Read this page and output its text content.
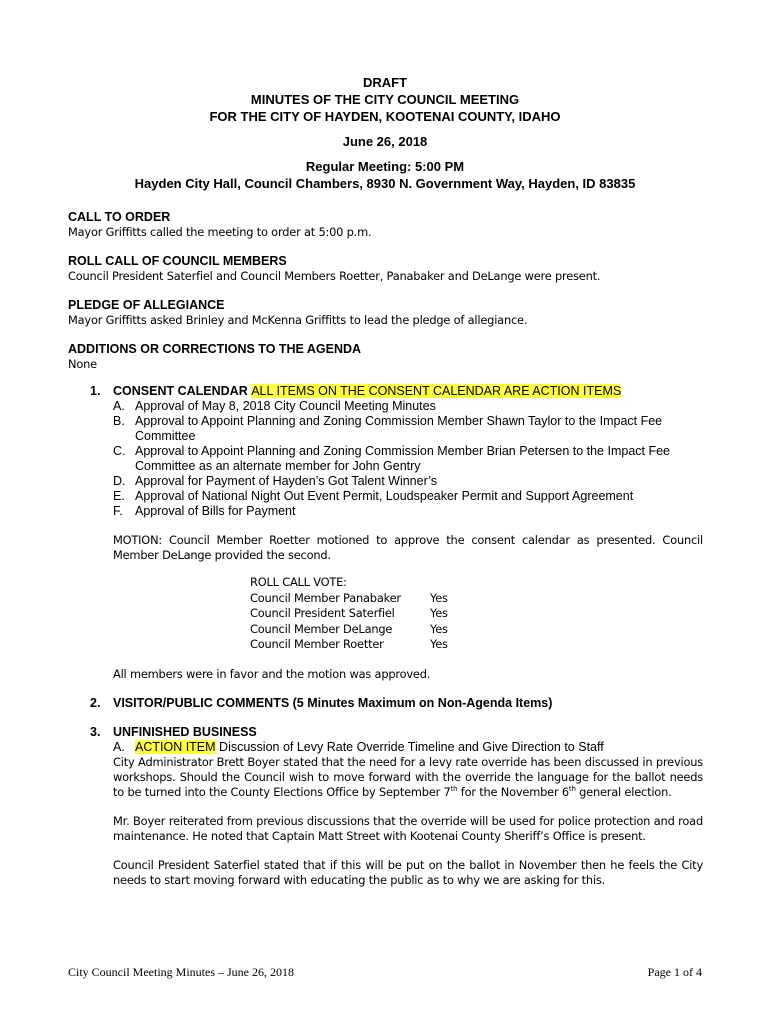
DRAFT
MINUTES OF THE CITY COUNCIL MEETING
FOR THE CITY OF HAYDEN, KOOTENAI COUNTY, IDAHO
June 26, 2018
Regular Meeting: 5:00 PM
Hayden City Hall, Council Chambers, 8930 N. Government Way, Hayden, ID 83835
CALL TO ORDER
Mayor Griffitts called the meeting to order at 5:00 p.m.
ROLL CALL OF COUNCIL MEMBERS
Council President Saterfiel and Council Members Roetter, Panabaker and DeLange were present.
PLEDGE OF ALLEGIANCE
Mayor Griffitts asked Brinley and McKenna Griffitts to lead the pledge of allegiance.
ADDITIONS OR CORRECTIONS TO THE AGENDA
None
1. CONSENT CALENDAR ALL ITEMS ON THE CONSENT CALENDAR ARE ACTION ITEMS
A. Approval of May 8, 2018 City Council Meeting Minutes
B. Approval to Appoint Planning and Zoning Commission Member Shawn Taylor to the Impact Fee Committee
C. Approval to Appoint Planning and Zoning Commission Member Brian Petersen to the Impact Fee Committee as an alternate member for John Gentry
D. Approval for Payment of Hayden’s Got Talent Winner’s
E. Approval of National Night Out Event Permit, Loudspeaker Permit and Support Agreement
F. Approval of Bills for Payment
MOTION: Council Member Roetter motioned to approve the consent calendar as presented. Council Member DeLange provided the second.
ROLL CALL VOTE:
Council Member Panabaker	Yes
Council President Saterfiel	Yes
Council Member DeLange	Yes
Council Member Roetter	Yes
All members were in favor and the motion was approved.
2. VISITOR/PUBLIC COMMENTS (5 Minutes Maximum on Non-Agenda Items)
3. UNFINISHED BUSINESS
A. ACTION ITEM Discussion of Levy Rate Override Timeline and Give Direction to Staff
City Administrator Brett Boyer stated that the need for a levy rate override has been discussed in previous workshops. Should the Council wish to move forward with the override the language for the ballot needs to be turned into the County Elections Office by September 7th for the November 6th general election.
Mr. Boyer reiterated from previous discussions that the override will be used for police protection and road maintenance. He noted that Captain Matt Street with Kootenai County Sheriff’s Office is present.
Council President Saterfiel stated that if this will be put on the ballot in November then he feels the City needs to start moving forward with educating the public as to why we are asking for this.
City Council Meeting Minutes – June 26, 2018	Page 1 of 4
